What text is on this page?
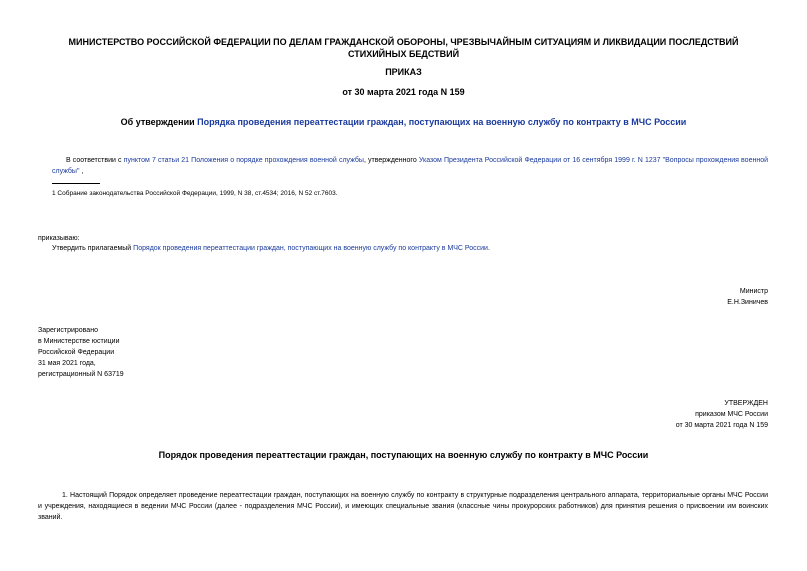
МИНИСТЕРСТВО РОССИЙСКОЙ ФЕДЕРАЦИИ ПО ДЕЛАМ ГРАЖДАНСКОЙ ОБОРОНЫ, ЧРЕЗВЫЧАЙНЫМ СИТУАЦИЯМ И ЛИКВИДАЦИИ ПОСЛЕДСТВИЙ СТИХИЙНЫХ БЕДСТВИЙ
ПРИКАЗ
от 30 марта 2021 года N 159
Об утверждении Порядка проведения переаттестации граждан, поступающих на военную службу по контракту в МЧС России
В соответствии с пунктом 7 статьи 21 Положения о порядке прохождения военной службы, утвержденного Указом Президента Российской Федерации от 16 сентября 1999 г. N 1237 "Вопросы прохождения военной службы" ,
1 Собрание законодательства Российской Федерации, 1999, N 38, ст.4534; 2016, N 52 ст.7603.
приказываю:
Утвердить прилагаемый Порядок проведения переаттестации граждан, поступающих на военную службу по контракту в МЧС России.
Министр
Е.Н.Зиничев
Зарегистрировано
в Министерстве юстиции
Российской Федерации
31 мая 2021 года,
регистрационный N 63719
УТВЕРЖДЕН
приказом МЧС России
от 30 марта 2021 года N 159
Порядок проведения переаттестации граждан, поступающих на военную службу по контракту в МЧС России
1. Настоящий Порядок определяет проведение переаттестации граждан, поступающих на военную службу по контракту в структурные подразделения центрального аппарата, территориальные органы МЧС России и учреждения, находящиеся в ведении МЧС России (далее - подразделения МЧС России), и имеющих специальные звания (классные чины прокурорских работников) для принятия решения о присвоении им воинских званий.
